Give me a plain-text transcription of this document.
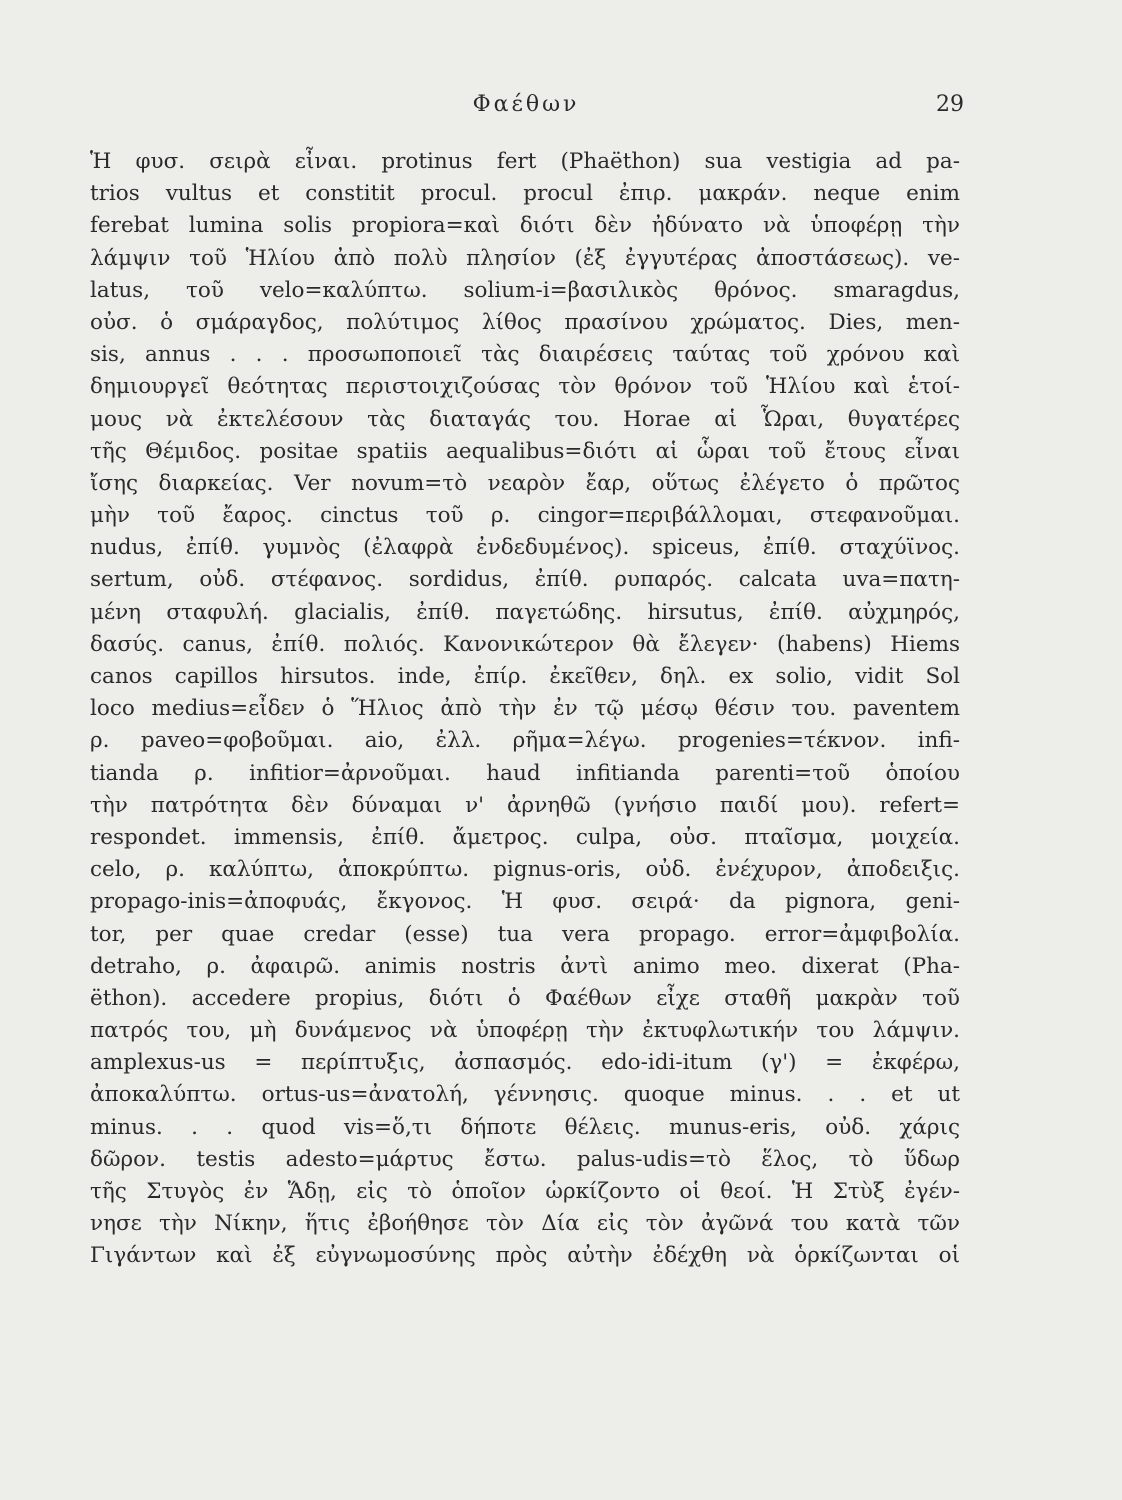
Φαέθων	29
Ἡ φυσ. σειρὰ εἶναι. protinus fert (Phaëthon) sua vestigia ad pa-
trios vultus et constitit procul. procul ἐπιρ. μακράν. neque enim
ferebat lumina solis propiora=καὶ διότι δὲν ἠδύνατο νὰ ὑποφέρῃ τὴν
λάμψιν τοῦ Ἡλίου ἀπὸ πολὺ πλησίον (ἐξ ἐγγυτέρας ἀποστάσεως). ve-
latus, τοῦ velo=καλύπτω. solium-i=βασιλικὸς θρόνος. smaragdus,
οὐσ. ὁ σμάραγδος, πολύτιμος λίθος πρασίνου χρώματος. Dies, men-
sis, annus . . . προσωποποιεῖ τὰς διαιρέσεις ταύτας τοῦ χρόνου καὶ
δημιουργεῖ θεότητας περιστοιχιζούσας τὸν θρόνον τοῦ Ἡλίου καὶ ἑτοί-
μους νὰ ἐκτελέσουν τὰς διαταγάς του. Horae αἱ Ὧραι, θυγατέρες
τῆς Θέμιδος. positae spatiis aequalibus=διότι αἱ ὧραι τοῦ ἔτους εἶναι
ἴσης διαρκείας. Ver novum=τὸ νεαρὸν ἔαρ, οὕτως ἐλέγετο ὁ πρῶτος
μὴν τοῦ ἔαρος. cinctus τοῦ ρ. cingor=περιβάλλομαι, στεφανοῦμαι.
nudus, ἐπίθ. γυμνὸς (ἐλαφρὰ ἐνδεδυμένος). spiceus, ἐπίθ. σταχύϊνος.
sertum, οὐδ. στέφανος. sordidus, ἐπίθ. ρυπαρός. calcata uva=πατη-
μένη σταφυλή. glacialis, ἐπίθ. παγετώδης. hirsutus, ἐπίθ. αὐχμηρός,
δασύς. canus, ἐπίθ. πολιός. Κανονικώτερον θὰ ἔλεγεν· (habens) Hiems
canos capillos hirsutos. inde, ἐπίρ. ἐκεῖθεν, δηλ. ex solio, vidit Sol
loco medius=εἶδεν ὁ Ἥλιος ἀπὸ τὴν ἐν τῷ μέσῳ θέσιν του. paventem
ρ. paveo=φοβοῦμαι. aio, ἐλλ. ρῆμα=λέγω. progenies=τέκνον. infi-
tianda ρ. infitior=ἀρνοῦμαι. haud infitianda parenti=τοῦ ὁποίου
τὴν πατρότητα δὲν δύναμαι ν' ἀρνηθῶ (γνήσιο παιδί μου). refert=
respondet. immensis, ἐπίθ. ἄμετρος. culpa, οὐσ. πταῖσμα, μοιχεία.
celo, ρ. καλύπτω, ἀποκρύπτω. pignus-oris, οὐδ. ἐνέχυρον, ἀποδειξις.
propago-inis=ἀποφυάς, ἔκγονος. Ἡ φυσ. σειρά· da pignora, geni-
tor, per quae credar (esse) tua vera propago. error=ἀμφιβολία.
detraho, ρ. ἀφαιρῶ. animis nostris ἀντὶ animo meo. dixerat (Pha-
ëthon). accedere propius, διότι ὁ Φαέθων εἶχε σταθῆ μακρὰν τοῦ
πατρός του, μὴ δυνάμενος νὰ ὑποφέρῃ τὴν ἐκτυφλωτικήν του λάμψιν.
amplexus-us = περίπτυξις, ἀσπασμός. edo-idi-itum (γ') = ἐκφέρω,
ἀποκαλύπτω. ortus-us=ἀνατολή, γέννησις. quoque minus. . . et ut
minus. . . quod vis=ὅ,τι δήποτε θέλεις. munus-eris, οὐδ. χάρις
δῶρον. testis adesto=μάρτυς ἔστω. palus-udis=τὸ ἕλος, τὸ ὕδωρ
τῆς Στυγὸς ἐν Ἅδῃ, εἰς τὸ ὁποῖον ὡρκίζοντο οἱ θεοί. Ἡ Στὺξ ἐγέν-
νησε τὴν Νίκην, ἥτις ἐβοήθησε τὸν Δία εἰς τὸν ἀγῶνά του κατὰ τῶν
Γιγάντων καὶ ἐξ εὐγνωμοσύνης πρὸς αὐτὴν ἐδέχθη νὰ ὁρκίζωνται οἱ
